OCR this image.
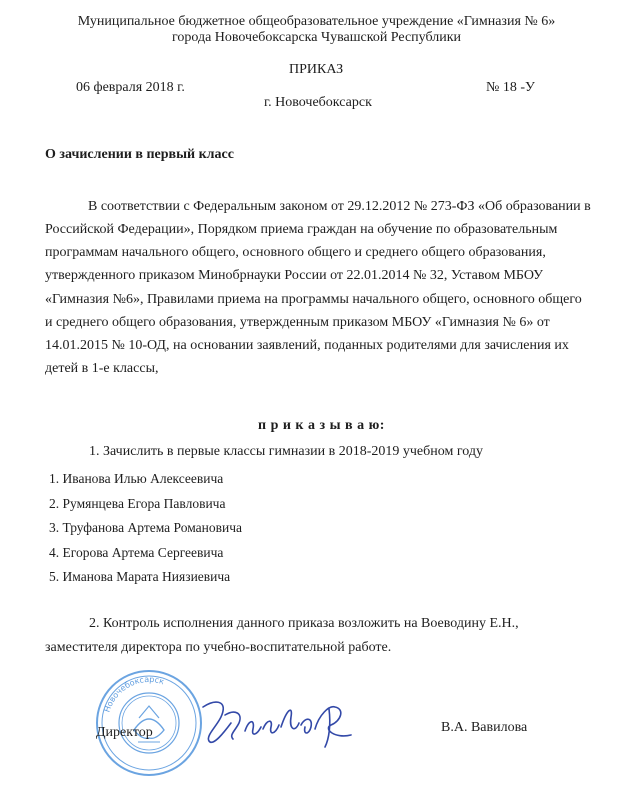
Муниципальное бюджетное общеобразовательное учреждение «Гимназия № 6»
города Новочебоксарска Чувашской Республики
ПРИКАЗ
06 февраля 2018 г.	№ 18 -У
г. Новочебоксарск
О зачислении в первый класс
В соответствии с Федеральным законом от 29.12.2012 № 273-ФЗ «Об образовании в
Российской Федерации», Порядком приема граждан на обучение по образовательным
программам начального общего, основного общего и среднего общего образования,
утвержденного приказом Минобрнауки России от 22.01.2014 № 32, Уставом МБОУ
«Гимназия №6», Правилами приема на программы начального общего, основного общего
и среднего общего образования, утвержденным приказом МБОУ «Гимназия № 6» от
14.01.2015 № 10-ОД, на основании заявлений, поданных родителями для зачисления их
детей в 1-е классы,
п р и к а з ы в а ю:
1. Зачислить в первые классы гимназии в 2018-2019 учебном году
1. Иванова Илью Алексеевича
2. Румянцева Егора Павловича
3. Труфанова Артема Романовича
4. Егорова Артема Сергеевича
5. Иманова Марата Ниязиевича
2. Контроль исполнения данного приказа возложить на Воеводину Е.Н.,
заместителя директора по учебно-воспитательной работе.
Новочебоксарск
Директор	В.А. Вавилова
